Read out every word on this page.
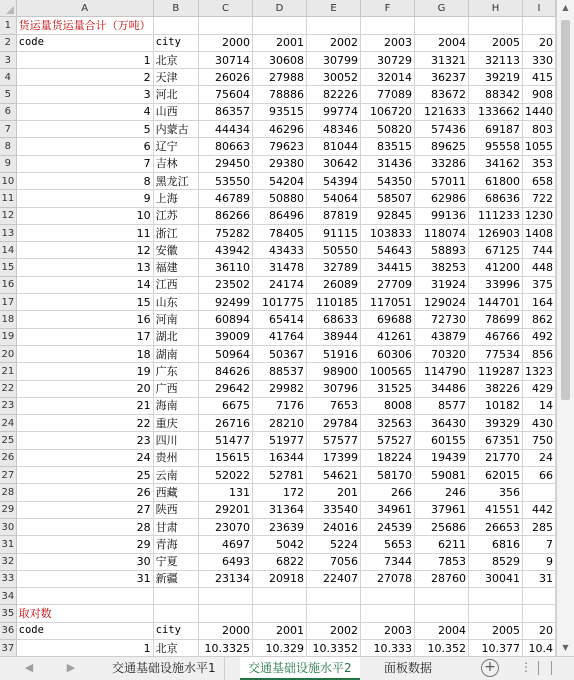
	A	B	C	D	E	F	G	H	I
1	货运量货运量合计（万吨）								
2	code	city	2000	2001	2002	2003	2004	2005	20
3	1	北京	30714	30608	30799	30729	31321	32113	330
4	2	天津	26026	27988	30052	32014	36237	39219	415
5	3	河北	75604	78886	82226	77089	83672	88342	908
6	4	山西	86357	93515	99774	106720	121633	133662	1440
7	5	内蒙古	44434	46296	48346	50820	57436	69187	803
8	6	辽宁	80663	79623	81044	83515	89625	95558	1055
9	7	吉林	29450	29380	30642	31436	33286	34162	353
10	8	黑龙江	53550	54204	54394	54350	57011	61800	658
11	9	上海	46789	50880	54064	58507	62986	68636	722
12	10	江苏	86266	86496	87819	92845	99136	111233	1230
13	11	浙江	75282	78405	91115	103833	118074	126903	1408
14	12	安徽	43942	43433	50550	54643	58893	67125	744
15	13	福建	36110	31478	32789	34415	38253	41200	448
16	14	江西	23502	24174	26089	27709	31924	33996	375
17	15	山东	92499	101775	110185	117051	129024	144701	164
18	16	河南	60894	65414	68633	69688	72730	78699	862
19	17	湖北	39009	41764	38944	41261	43879	46766	492
20	18	湖南	50964	50367	51916	60306	70320	77534	856
21	19	广东	84626	88537	98900	100565	114790	119287	1323
22	20	广西	29642	29982	30796	31525	34486	38226	429
23	21	海南	6675	7176	7653	8008	8577	10182	14
24	22	重庆	26716	28210	29784	32563	36430	39329	430
25	23	四川	51477	51977	57577	57527	60155	67351	750
26	24	贵州	15615	16344	17399	18224	19439	21770	24
27	25	云南	52022	52781	54621	58170	59081	62015	66
28	26	西藏	131	172	201	266	246	356	
29	27	陕西	29201	31364	33540	34961	37961	41551	442
30	28	甘肃	23070	23639	24016	24539	25686	26653	285
31	29	青海	4697	5042	5224	5653	6211	6816	7
32	30	宁夏	6493	6822	7056	7344	7853	8529	9
33	31	新疆	23134	20918	22407	27078	28760	30041	31
34									
35	取对数								
36	code	city	2000	2001	2002	2003	2004	2005	20
37	1	北京	10.3325	10.329	10.3352	10.333	10.352	10.377	10.4

▲
▼
◀	▶	交通基础设施水平1	交通基础设施水平2	面板数据	+ ⋮
